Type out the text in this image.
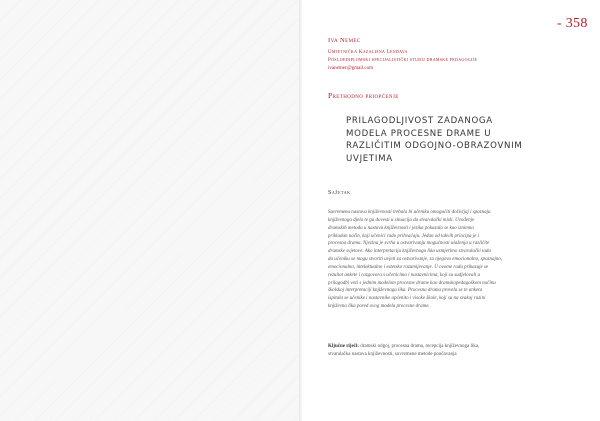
- 358
Iva Nemec
Umjetnička Kazališna Lendava
Poslijediplomski specijalistički studij dramske pedagogije
ivanemec@gmail.com
Prethodno priopćenje
PRILAGODLJIVOST ZADANOGA
MODELA PROCESNE DRAME U
RAZLIČITIM ODGOJNO-OBRAZOVNIM
UVJETIMA
Sažetak
Suvremena nastava književnosti trebala bi učeniku omogućiti doživljaj i spoznaju
književnoga djela te ga dovesti u situaciju da stvaralački misli. Uvođenje
dramskih metoda u nastavu književnosti i jezika pokazalo se kao iznimno
prikladan način, koji učenici rado prihvaćaju. Jedan od takvih principa je i
procesna drama. Njezina je svrha u ostvarivanju mogućnosti ulaženja u različite
dramske svjetove. Ako interpretaciju književnoga lika usmjerimo stvaralački tada
da učeniku se mogu stvoriti uvjeti za ostvarivanje, za njegovo emocionalno, spoznajno,
emocionalno, intelektualno i estetsko razumijevanje. U ovome radu prikazuje se
rezultat ankete i razgovora s učenicima i nastavnicima, koji su sudjelovali u
prilagodbi vezi s jednim modelom procesne drame kao dramskopedagoškom načinu
školskoj interpretaciji književnoga lika. Procesna drama provela se te anketa
ispitala se učenike i nastavnike općenito i visoke škole, koji su na svakoj razini
književna lika pored ovog modela procesne drame.
Ključne riječi: dramski odgoj, procesna drama, recepcija književnoga lika,
stvaralačka nastava književnosti, suvremene metode poučavanja
